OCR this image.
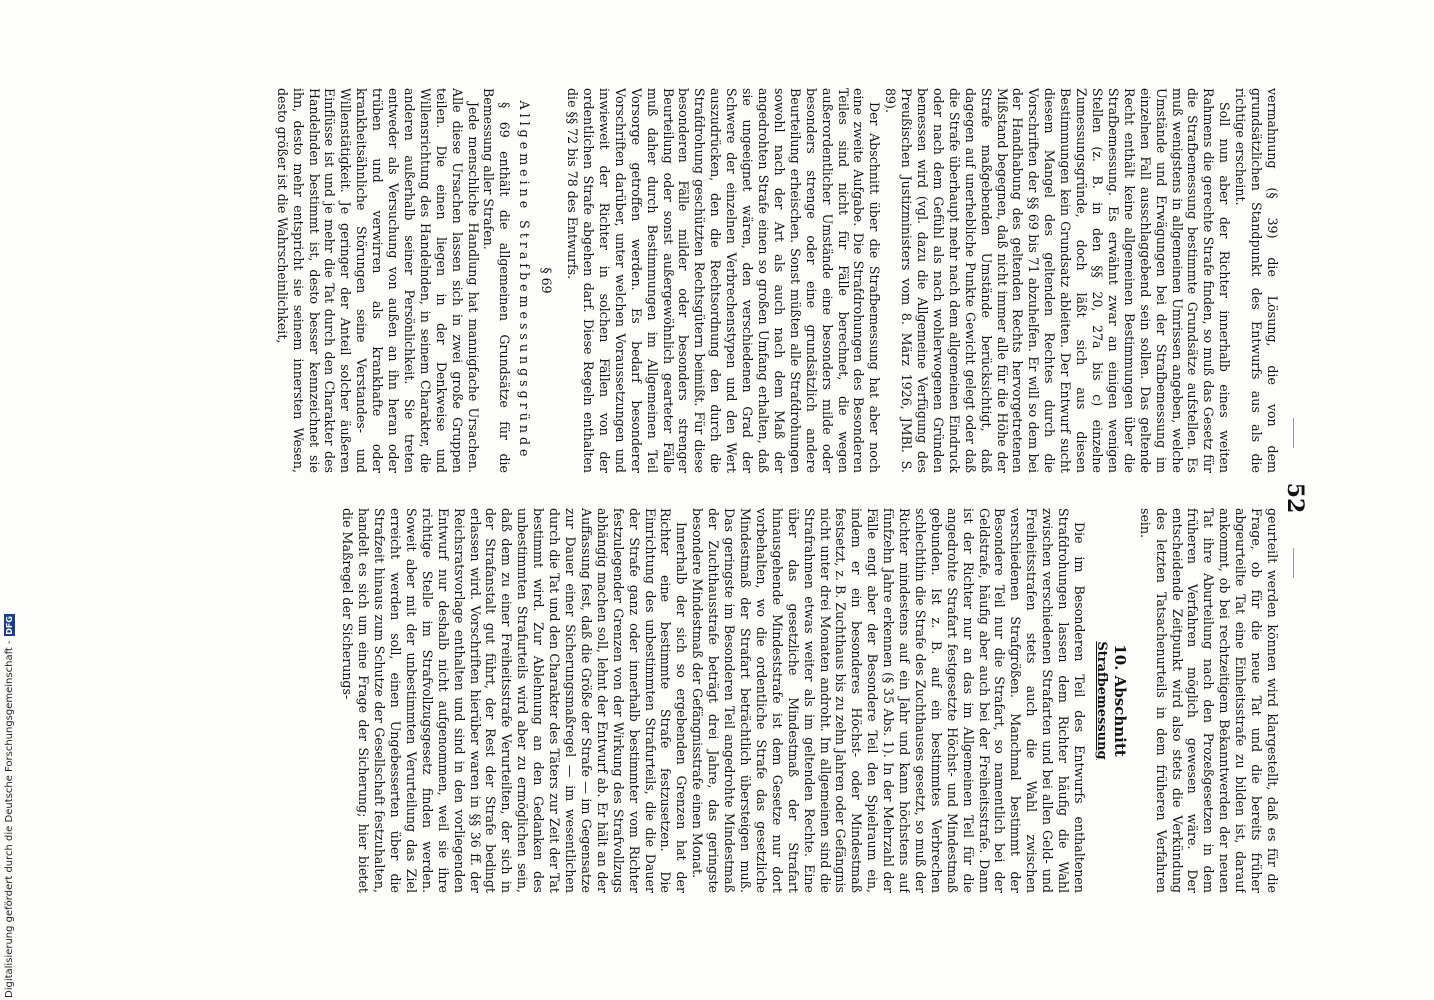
52

vermahnung (§ 39) die Lösung, die von dem grundsätzlichen Standpunkt des Entwurfs aus als die richtige erscheint.

Soll nun aber der Richter innerhalb eines weiten Rahmens die gerechte Strafe finden, so muß das Gesetz für die Strafbemessung bestimmte Grundsätze aufstellen. Es muß wenigstens in allgemeinen Umrissen angeben, welche Umstände und Erwägungen bei der Strafbemessung im einzelnen Fall ausschlaggebend sein sollen. Das geltende Recht enthält keine allgemeinen Bestimmungen über die Strafbemessung. Es erwähnt zwar an einigen wenigen Stellen (z. B. in den §§ 20, 27a bis c) einzelne Zumessungsgründe, doch läßt sich aus diesen Bestimmungen kein Grundsatz ableiten. Der Entwurf sucht diesem Mangel des geltenden Rechtes durch die Vorschriften der §§ 69 bis 71 abzuhelfen. Er will so dem bei der Handhabung des geltenden Rechts hervorgetretenen Mißstand begegnen, daß nicht immer alle für die Höhe der Strafe maßgebenden Umstände berücksichtigt, daß dagegen auf unerhebliche Punkte Gewicht gelegt oder daß die Strafe überhaupt mehr nach dem allgemeinen Eindruck oder nach dem Gefühl als nach wohlerwogenen Gründen bemessen wird (vgl. dazu die Allgemeine Verfügung des Preußischen Justizministers vom 8. März 1926, JMBl. S. 89).

Der Abschnitt über die Strafbemessung hat aber noch eine zweite Aufgabe. Die Strafdrohungen des Besonderen Teiles sind nicht für Fälle berechnet, die wegen außerordentlicher Umstände eine besonders milde oder besonders strenge oder eine grundsätzlich andere Beurteilung erheischen. Sonst müßten alle Strafdrohungen sowohl nach der Art als auch nach dem Maß der angedrohten Strafe einen so großen Umfang erhalten, daß sie ungeeignet wären, den verschiedenen Grad der Schwere der einzelnen Verbrechenstypen und den Wert auszudrücken, den die Rechtsordnung den durch die Strafdrohung geschützten Rechtsgütern beimißt. Für diese besonderen Fälle milder oder besonders strenger Beurteilung oder sonst außergewöhnlich gearteter Fälle muß daher durch Bestimmungen im Allgemeinen Teil Vorsorge getroffen werden. Es bedarf besonderer Vorschriften darüber, unter welchen Voraussetzungen und inwieweit der Richter in solchen Fällen von der ordentlichen Strafe abgehen darf. Diese Regeln enthalten die §§ 72 bis 78 des Entwurfs.

§ 69
Allgemeine Strafbemessungsgründe

§ 69 enthält die allgemeinen Grundsätze für die Bemessung aller Strafen.

Jede menschliche Handlung hat mannigfache Ursachen. Alle diese Ursachen lassen sich in zwei große Gruppen teilen. Die einen liegen in der Denkweise und Willensrichtung des Handelnden, in seinem Charakter, die anderen außerhalb seiner Persönlichkeit. Sie treten entweder als Versuchung von außen an ihn heran oder trüben und verwirren als krankhafte oder krankheitsähnliche Störungen seine Verstandes- und Willenstätigkeit. Je geringer der Anteil solcher äußeren Einflüsse ist und je mehr die Tat durch den Charakter des Handelnden bestimmt ist, desto besser kennzeichnet sie ihn, desto mehr entspricht sie seinem innersten Wesen, desto größer ist die Wahrscheinlichkeit,

geurteilt werden können wird klargestellt, daß es für die Frage, ob für die neue Tat und die bereits früher abgeurteilte Tat eine Einheitsstrafe zu bilden ist, darauf ankommt, ob bei rechtzeitigem Bekanntwerden der neuen Tat ihre Aburteilung nach den Prozeßgesetzen in dem früheren Verfahren möglich gewesen wäre. Der entscheidende Zeitpunkt wird also stets die Verkündung des letzten Tatsachenurteils in dem früheren Verfahren sein.

10. Abschnitt
Strafbemessung

Die im Besonderen Teil des Entwurfs enthaltenen Strafdrohungen lassen dem Richter häufig die Wahl zwischen verschiedenen Strafarten und bei allen Geld- und Freiheitsstrafen stets auch die Wahl zwischen verschiedenen Strafgrößen. Manchmal bestimmt der Besondere Teil nur die Strafart, so namentlich bei der Geldstrafe, häufig aber auch bei der Freiheitsstrafe. Dann ist der Richter nur an das im Allgemeinen Teil für die angedrohte Strafart festgesetzte Höchst- und Mindestmaß gebunden. Ist z. B. auf ein bestimmtes Verbrechen schlechthin die Strafe des Zuchthauses gesetzt, so muß der Richter mindestens auf ein Jahr und kann höchstens auf fünfzehn Jahre erkennen (§ 35 Abs. 1). In der Mehrzahl der Fälle engt aber der Besondere Teil den Spielraum ein, indem er ein besonderes Höchst- oder Mindestmaß festsetzt, z. B. Zuchthaus bis zu zehn Jahren oder Gefängnis nicht unter drei Monaten androht. Im allgemeinen sind die Strafrahmen etwas weiter als im geltenden Rechte. Eine über das gesetzliche Mindestmaß der Strafart hinausgehende Mindeststrafe ist dem Gesetze nur dort vorbehalten, wo die ordentliche Strafe das gesetzliche Mindestmaß der Strafart beträchtlich übersteigen muß. Das geringste im Besonderen Teil angedrohte Mindestmaß der Zuchthausstrafe beträgt drei Jahre, das geringste besondere Mindestmaß der Gefängnisstrafe einen Monat.

Innerhalb der sich so ergebenden Grenzen hat der Richter eine bestimmte Strafe festzusetzen. Die Einrichtung des unbestimmten Strafurteils, die die Dauer der Strafe ganz oder innerhalb bestimmter vom Richter festzulegender Grenzen von der Wirkung des Strafvollzugs abhängig machen soll, lehnt der Entwurf ab. Er hält an der Auffassung fest, daß die Größe der Strafe — im Gegensatze zur Dauer einer Sicherungsmaßregel — im wesentlichen durch die Tat und den Charakter des Täters zur Zeit der Tat bestimmt wird. Zur Ablehnung an den Gedanken des unbestimmten Strafurteils wird aber zu ermöglichen sein, daß dem zu einer Freiheitsstrafe Verurteilten, der sich in der Strafanstalt gut führt, der Rest der Strafe bedingt erlassen wird. Vorschriften hierüber waren in §§ 36 ff. der Reichsratsvorlage enthalten und sind in den vorliegenden Entwurf nur deshalb nicht aufgenommen, weil sie ihre richtige Stelle im Strafvollzugsgesetz finden werden. Soweit aber mit der unbestimmten Verurteilung das Ziel erreicht werden soll, einen Ungebesserten über die Strafzeit hinaus zum Schutze der Gesellschaft festzuhalten, handelt es sich um eine Frage der Sicherung; hier bietet die Maßregel der Sicherungs-

Digitalisierung gefördert durch die Deutsche Forschungsgemeinschaft -
DFG
